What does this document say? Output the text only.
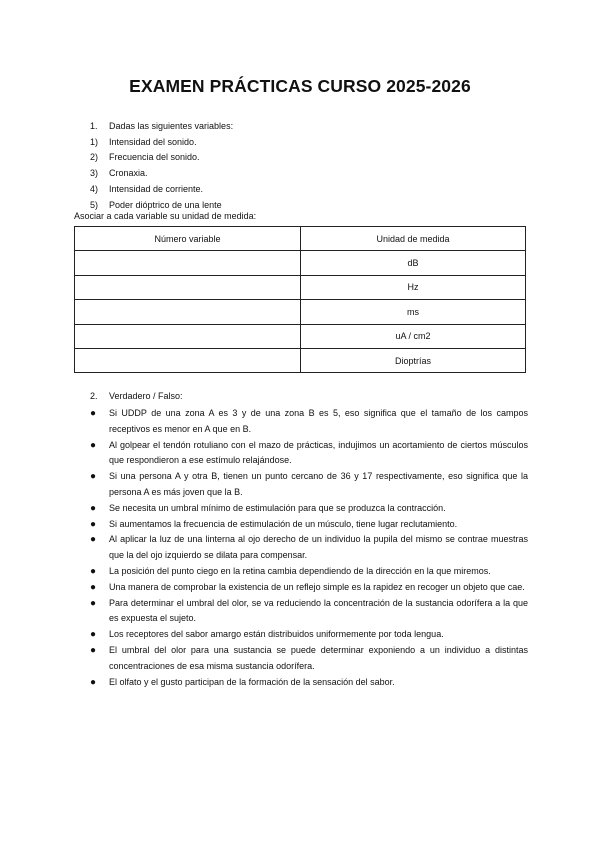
EXAMEN PRÁCTICAS CURSO 2025-2026
1.	Dadas las siguientes variables:
1)	Intensidad del sonido.
2)	Frecuencia del sonido.
3)	Cronaxia.
4)	Intensidad de corriente.
5)	Poder dióptrico de una lente
Asociar a cada variable su unidad de medida:
Número variable	Unidad de medida
	dB
	Hz
	ms
	uA / cm2
	Dioptrías
2.	Verdadero / Falso:
●	Si UDDP de una zona A es 3 y de una zona B es 5, eso significa que el tamaño de los campos receptivos es menor en A que en B.
●	Al golpear el tendón rotuliano con el mazo de prácticas, indujimos un acortamiento de ciertos músculos que respondieron a ese estímulo relajándose.
●	Si una persona A y otra B, tienen un punto cercano de 36 y 17 respectivamente, eso significa que la persona A es más joven que la B.
●	Se necesita un umbral mínimo de estimulación para que se produzca la contracción.
●	Si aumentamos la frecuencia de estimulación de un músculo, tiene lugar reclutamiento.
●	Al aplicar la luz de una linterna al ojo derecho de un individuo la pupila del mismo se contrae muestras que la del ojo izquierdo se dilata para compensar.
●	La posición del punto ciego en la retina cambia dependiendo de la dirección en la que miremos.
●	Una manera de comprobar la existencia de un reflejo simple es la rapidez en recoger un objeto que cae.
●	Para determinar el umbral del olor, se va reduciendo la concentración de la sustancia odorífera a la que es expuesta el sujeto.
●	Los receptores del sabor amargo están distribuidos uniformemente por toda lengua.
●	El umbral del olor para una sustancia se puede determinar exponiendo a un individuo a distintas concentraciones de esa misma sustancia odorífera.
●	El olfato y el gusto participan de la formación de la sensación del sabor.
